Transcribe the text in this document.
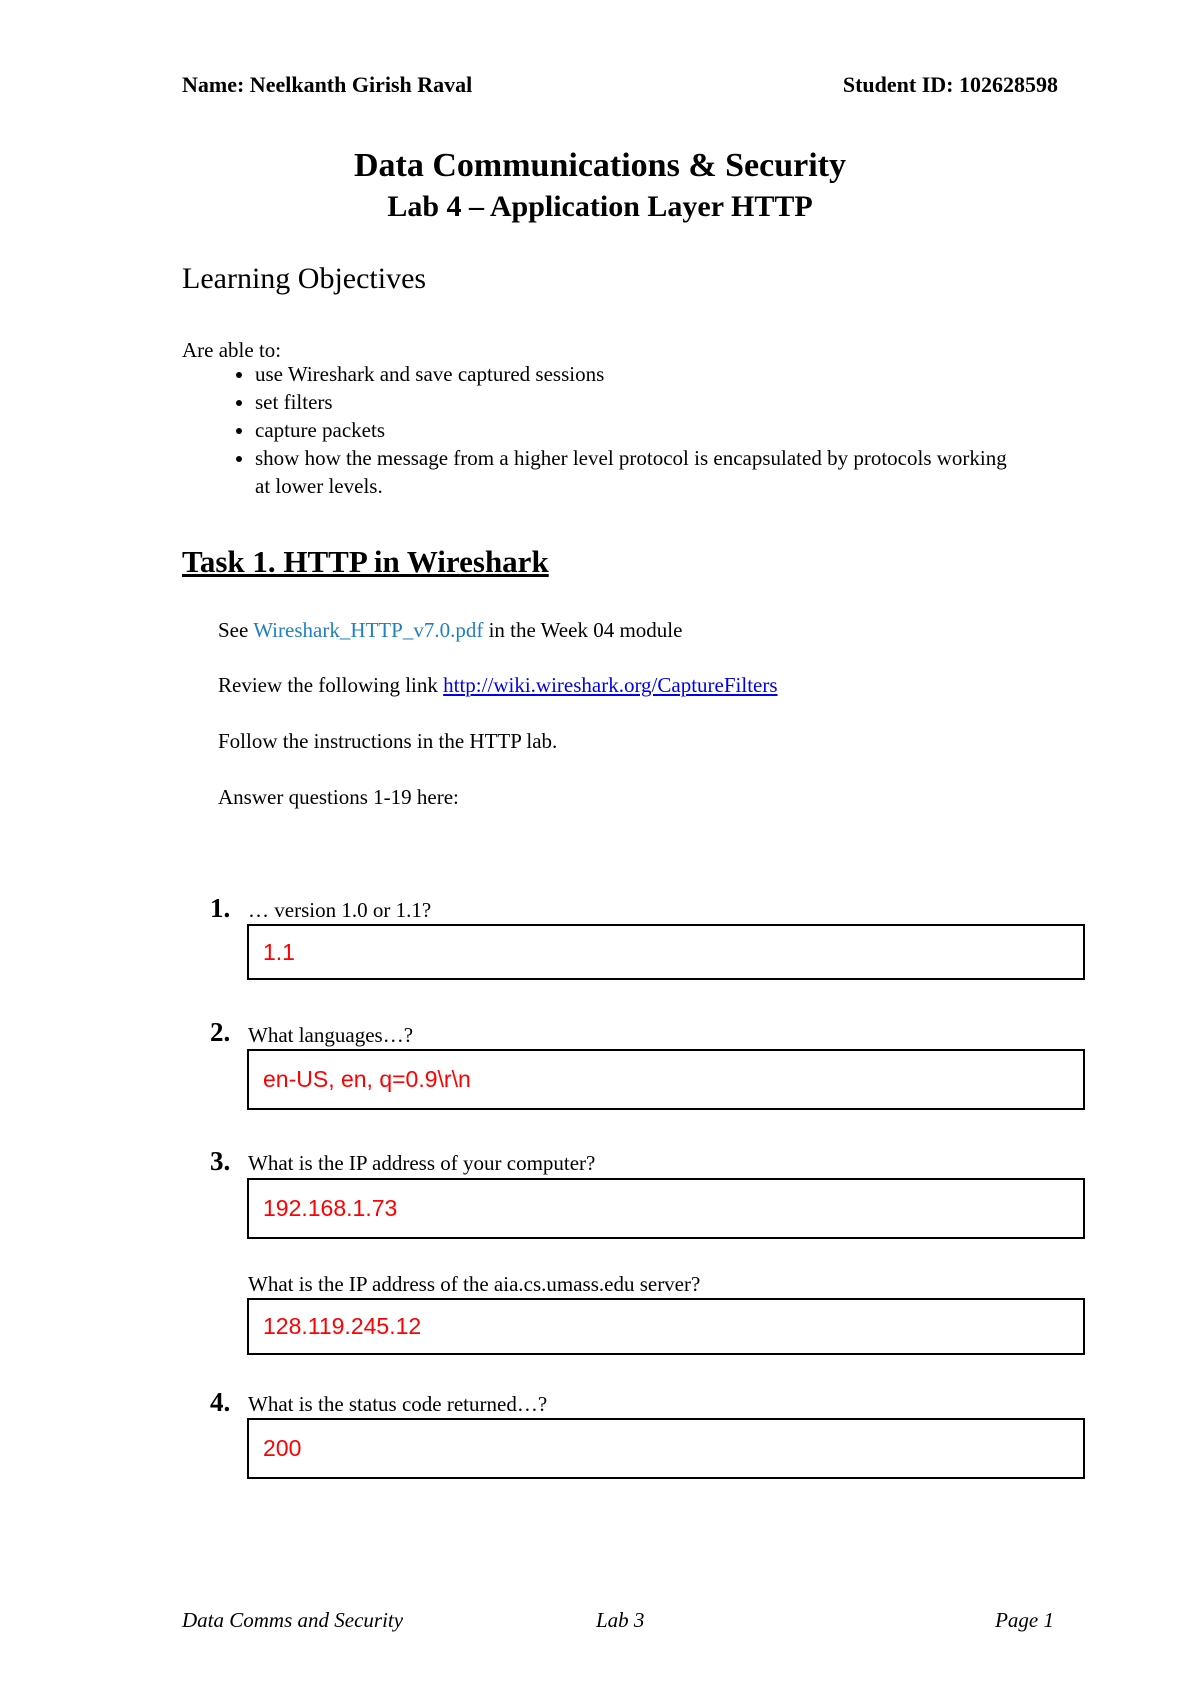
Name: Neelkanth Girish Raval	Student ID: 102628598
Data Communications & Security
Lab 4 – Application Layer HTTP
Learning Objectives
Are able to:
• use Wireshark and save captured sessions
• set filters
• capture packets
• show how the message from a higher level protocol is encapsulated by protocols working at lower levels.
Task 1. HTTP in Wireshark
See Wireshark_HTTP_v7.0.pdf in the Week 04 module
Review the following link http://wiki.wireshark.org/CaptureFilters
Follow the instructions in the HTTP lab.
Answer questions 1-19 here:
1. … version 1.0 or 1.1?
1.1
2. What languages…?
en-US, en, q=0.9\r\n
3. What is the IP address of your computer?
192.168.1.73
What is the IP address of the aia.cs.umass.edu server?
128.119.245.12
4. What is the status code returned…?
200
Data Comms and Security	Lab 3	Page 1
